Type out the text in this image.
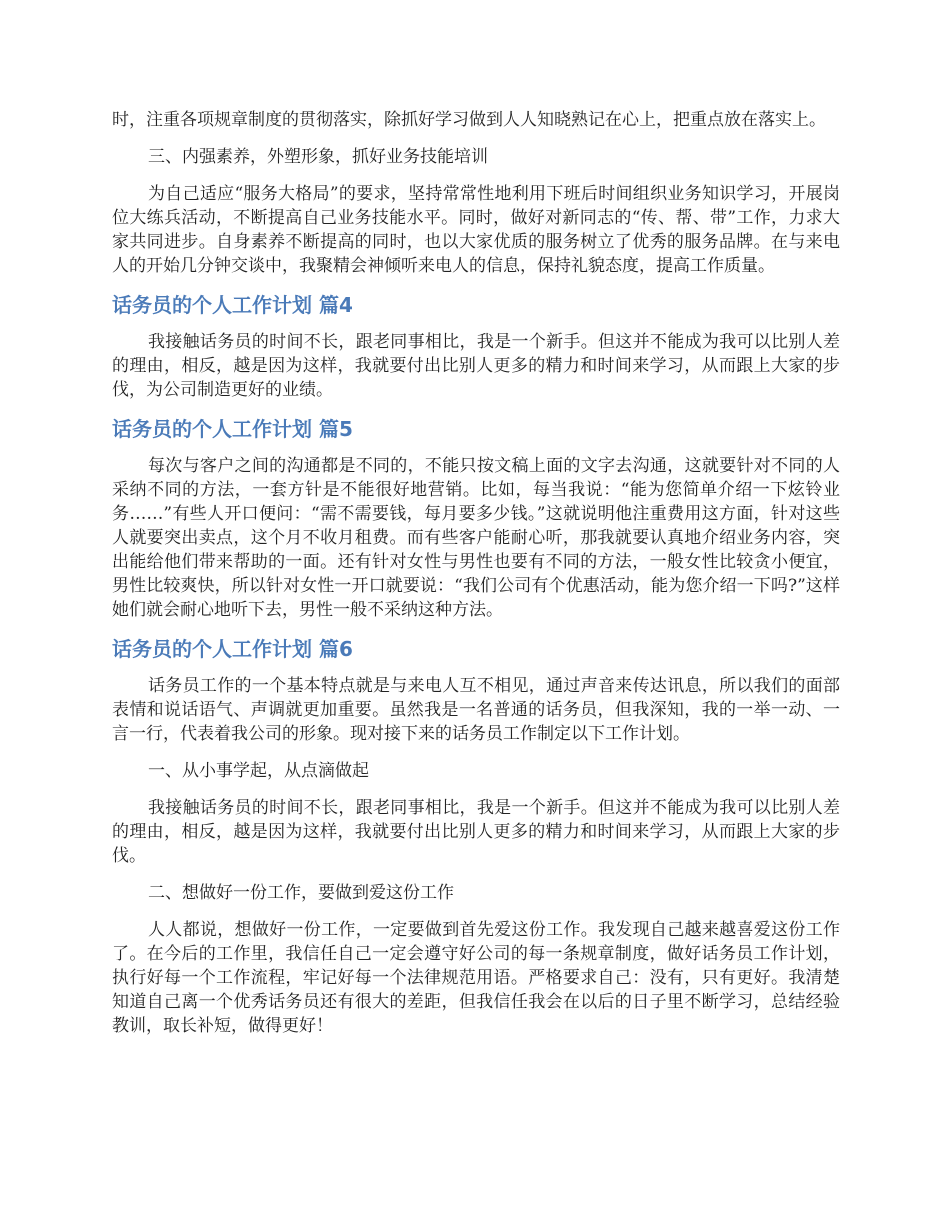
时，注重各项规章制度的贯彻落实，除抓好学习做到人人知晓熟记在心上，把重点放在落实上。

三、内强素养，外塑形象，抓好业务技能培训

为自己适应“服务大格局”的要求，坚持常常性地利用下班后时间组织业务知识学习，开展岗位大练兵活动，不断提高自己业务技能水平。同时，做好对新同志的“传、帮、带”工作，力求大家共同进步。自身素养不断提高的同时，也以大家优质的服务树立了优秀的服务品牌。在与来电人的开始几分钟交谈中，我聚精会神倾听来电人的信息，保持礼貌态度，提高工作质量。

话务员的个人工作计划 篇4

我接触话务员的时间不长，跟老同事相比，我是一个新手。但这并不能成为我可以比别人差的理由，相反，越是因为这样，我就要付出比别人更多的精力和时间来学习，从而跟上大家的步伐，为公司制造更好的业绩。

话务员的个人工作计划 篇5

每次与客户之间的沟通都是不同的，不能只按文稿上面的文字去沟通，这就要针对不同的人采纳不同的方法，一套方针是不能很好地营销。比如，每当我说：“能为您简单介绍一下炫铃业务……”有些人开口便问：“需不需要钱，每月要多少钱。”这就说明他注重费用这方面，针对这些人就要突出卖点，这个月不收月租费。而有些客户能耐心听，那我就要认真地介绍业务内容，突出能给他们带来帮助的一面。还有针对女性与男性也要有不同的方法，一般女性比较贪小便宜，男性比较爽快，所以针对女性一开口就要说：“我们公司有个优惠活动，能为您介绍一下吗?”这样她们就会耐心地听下去，男性一般不采纳这种方法。

话务员的个人工作计划 篇6

话务员工作的一个基本特点就是与来电人互不相见，通过声音来传达讯息，所以我们的面部表情和说话语气、声调就更加重要。虽然我是一名普通的话务员，但我深知，我的一举一动、一言一行，代表着我公司的形象。现对接下来的话务员工作制定以下工作计划。

一、从小事学起，从点滴做起

我接触话务员的时间不长，跟老同事相比，我是一个新手。但这并不能成为我可以比别人差的理由，相反，越是因为这样，我就要付出比别人更多的精力和时间来学习，从而跟上大家的步伐。

二、想做好一份工作，要做到爱这份工作

人人都说，想做好一份工作，一定要做到首先爱这份工作。我发现自己越来越喜爱这份工作了。在今后的工作里，我信任自己一定会遵守好公司的每一条规章制度，做好话务员工作计划，执行好每一个工作流程，牢记好每一个法律规范用语。严格要求自己：没有，只有更好。我清楚知道自己离一个优秀话务员还有很大的差距，但我信任我会在以后的日子里不断学习，总结经验教训，取长补短，做得更好！
